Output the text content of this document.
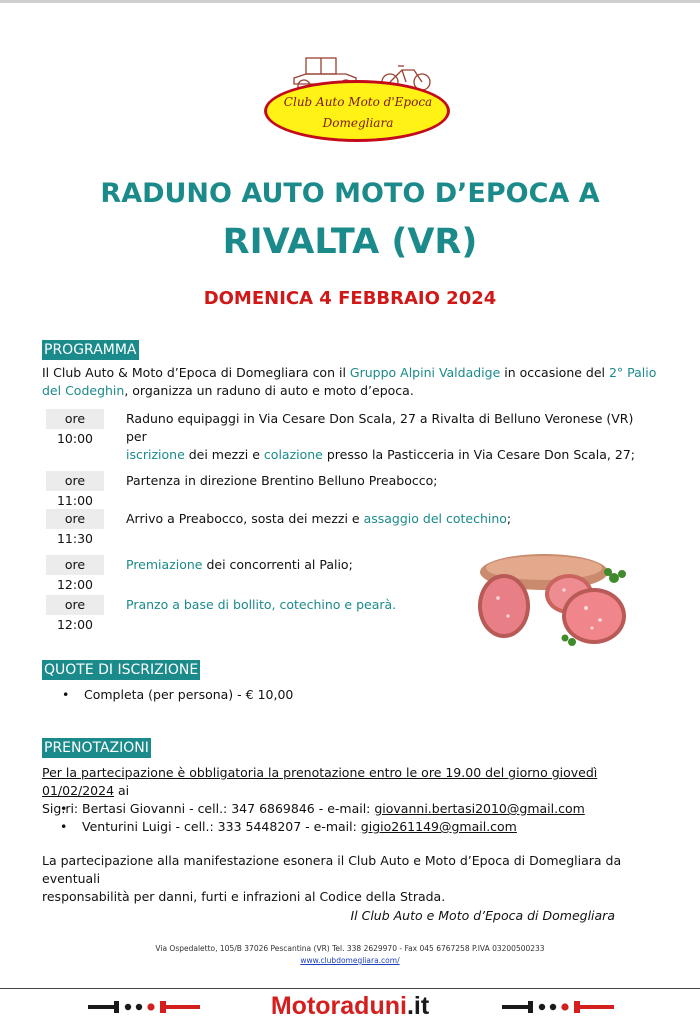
Club Auto Moto d'Epoca
Domegliara
RADUNO AUTO MOTO D’EPOCA A
RIVALTA (VR)
DOMENICA 4 FEBBRAIO 2024
PROGRAMMA
Il Club Auto & Moto d’Epoca di Domegliara con il Gruppo Alpini Valdadige in occasione del 2° Palio del Codeghin, organizza un raduno di auto e moto d’epoca.
ore 10:00
Raduno equipaggi in Via Cesare Don Scala, 27 a Rivalta di Belluno Veronese (VR) per
iscrizione dei mezzi e colazione presso la Pasticceria in Via Cesare Don Scala, 27;
ore 11:00
Partenza in direzione Brentino Belluno Preabocco;
ore 11:30
Arrivo a Preabocco, sosta dei mezzi e assaggio del cotechino;
ore 12:00
Premiazione dei concorrenti al Palio;
ore 12:00
Pranzo a base di bollito, cotechino e pearà.
QUOTE DI ISCRIZIONE
• Completa (per persona) - € 10,00
PRENOTAZIONI
Per la partecipazione è obbligatoria la prenotazione entro le ore 19.00 del giorno giovedì 01/02/2024 ai
Sig.ri:
• Bertasi Giovanni - cell.: 347 6869846 - e-mail: giovanni.bertasi2010@gmail.com
• Venturini Luigi - cell.: 333 5448207 - e-mail: gigio261149@gmail.com
La partecipazione alla manifestazione esonera il Club Auto e Moto d’Epoca di Domegliara da eventuali
responsabilità per danni, furti e infrazioni al Codice della Strada.
Il Club Auto e Moto d’Epoca di Domegliara
Via Ospedaletto, 105/B 37026 Pescantina (VR) Tel. 338 2629970 - Fax 045 6767258 P.IVA 03200500233
www.clubdomegliara.com/
Motoraduni.it
